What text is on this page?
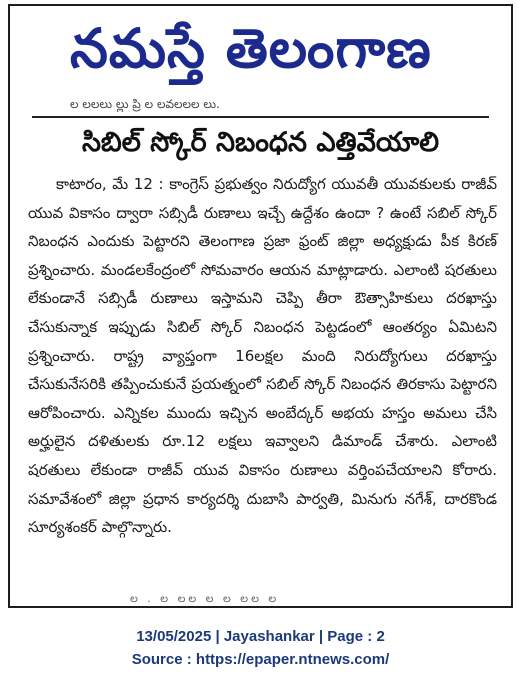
నమస్తే తెలంగాణ
ల లలలు ల్లు ప్రి ల లవలలల లు.
సిబిల్ స్కోర్ నిబంధన ఎత్తివేయాలి
కాటారం, మే 12 : కాంగ్రెస్ ప్రభుత్వం నిరుద్యోగ యువతీ యువకులకు రాజీవ్ యువ వికాసం ద్వారా సబ్సిడీ రుణాలు ఇచ్చే ఉద్దేశం ఉందా ? ఉంటే సబిల్ స్కోర్ నిబంధన ఎందుకు పెట్టారని తెలంగాణ ప్రజా ఫ్రంట్ జిల్లా అధ్యక్షుడు పీక కిరణ్ ప్రశ్నించారు. మండలకేంద్రంలో సోమవారం ఆయన మాట్లాడారు. ఎలాంటి షరతులు లేకుండానే సబ్సిడీ రుణాలు ఇస్తామని చెప్పి తీరా ఔత్సాహికులు దరఖాస్తు చేసుకున్నాక ఇప్పుడు సిబిల్ స్కోర్ నిబంధన పెట్టడంలో ఆంతర్యం ఏమిటని ప్రశ్నించారు. రాష్ట్ర వ్యాప్తంగా 16లక్షల మంది నిరుద్యోగులు దరఖాస్తు చేసుకునేసరికి తప్పించుకునే ప్రయత్నంలో సబిల్ స్కోర్ నిబంధన తిరకాసు పెట్టారని ఆరోపించారు. ఎన్నికల ముందు ఇచ్చిన అంబేద్కర్ అభయ హస్తం అమలు చేసి అర్హులైన దళితులకు రూ.12 లక్షలు ఇవ్వాలని డిమాండ్ చేశారు. ఎలాంటి షరతులు లేకుండా రాజీవ్ యువ వికాసం రుణాలు వర్తింపచేయాలని కోరారు. సమావేశంలో జిల్లా ప్రధాన కార్యదర్శి దుబాసి పార్వతి, మినుగు నగేశ్, దారకొండ సూర్యశంకర్ పాల్గొన్నారు.
ల . ల లల ల ల లల ల
13/05/2025 | Jayashankar | Page : 2
Source : https://epaper.ntnews.com/
